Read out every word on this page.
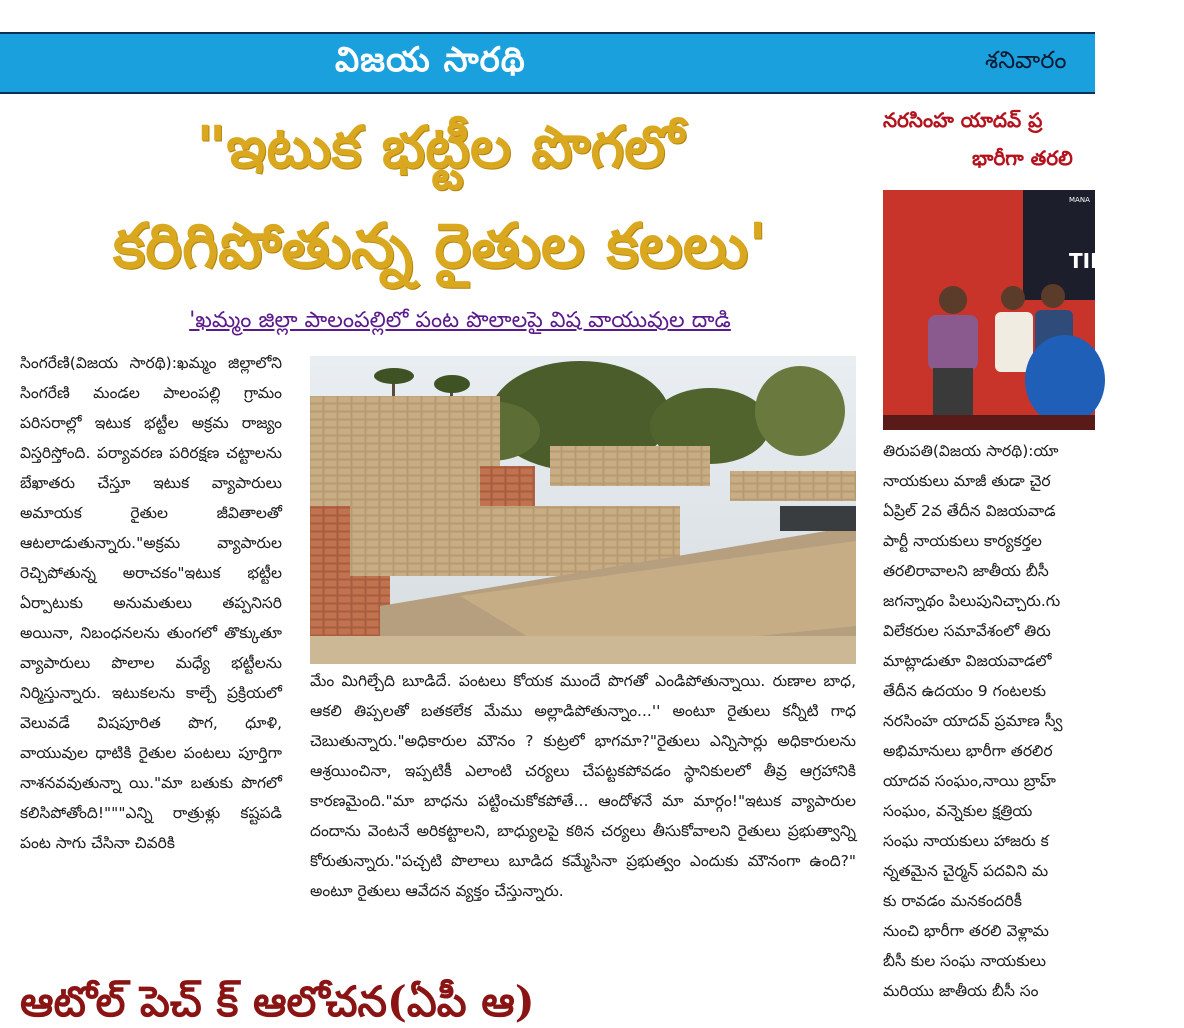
విజయ సారథి	శనివారం
"ఇటుక భట్టీల పొగలో
కరిగిపోతున్న రైతుల కలలు'
'ఖమ్మం జిల్లా పాలంపల్లిలో పంట పొలాలపై విష వాయువుల దాడి

సింగరేణి(విజయ సారథి):ఖమ్మం జిల్లాలోని సింగరేణి మండల పాలంపల్లి గ్రామం పరిసరాల్లో ఇటుక భట్టీల అక్రమ రాజ్యం విస్తరిస్తోంది. పర్యావరణ పరిరక్షణ చట్టాలను బేఖాతరు చేస్తూ ఇటుక వ్యాపారులు అమాయక రైతుల జీవితాలతో ఆటలాడుతున్నారు."అక్రమ వ్యాపారుల రెచ్చిపోతున్న అరాచకం"ఇటుక భట్టీల ఏర్పాటుకు అనుమతులు తప్పనిసరి అయినా, నిబంధనలను తుంగలో తొక్కుతూ వ్యాపారులు పొలాల మధ్యే భట్టీలను నిర్మిస్తున్నారు. ఇటుకలను కాల్చే ప్రక్రియలో వెలువడే విషపూరిత పొగ, ధూళి, వాయువుల ధాటికి రైతుల పంటలు పూర్తిగా నాశనవవుతున్నా యి."మా బతుకు పొగలో కలిసిపోతోంది!"""ఎన్ని రాత్రుళ్లు కష్టపడి పంట సాగు చేసినా చివరికి

మేం మిగిల్చేది బూడిదే. పంటలు కోయక ముందే పొగతో ఎండిపోతున్నాయి. రుణాల బాధ, ఆకలి తిప్పలతో బతకలేక మేము అల్లాడిపోతున్నాం...'' అంటూ రైతులు కన్నీటి గాధ చెబుతున్నారు."అధికారుల మౌనం ? కుట్రలో భాగమా?"రైతులు ఎన్నిసార్లు అధికారులను ఆశ్రయించినా, ఇప్పటికీ ఎలాంటి చర్యలు చేపట్టకపోవడం స్థానికులలో తీవ్ర ఆగ్రహానికి కారణమైంది."మా బాధను పట్టించుకోకపోతే... ఆందోళనే మా మార్గం!"ఇటుక వ్యాపారుల దందాను వెంటనే అరికట్టాలని, బాధ్యులపై కఠిన చర్యలు తీసుకోవాలని రైతులు ప్రభుత్వాన్ని కోరుతున్నారు."పచ్చటి పొలాలు బూడిద కమ్మేసినా ప్రభుత్వం ఎందుకు మౌనంగా ఉంది?" అంటూ రైతులు ఆవేదన వ్యక్తం చేస్తున్నారు.

నరసింహ యాదవ్ ప్ర
భారీగా తరలి
MANA
TIRU

తిరుపతి(విజయ సారథి):యా

నాయకులు మాజీ తుడా చైర

ఏప్రిల్ 2వ తేదీన విజయవాడ

పార్టీ నాయకులు కార్యకర్తల

తరలిరావాలని జాతీయ బీసీ

జగన్నాథం పిలుపునిచ్చారు.గు

విలేకరుల సమావేశంలో తిరు

మాట్లాడుతూ విజయవాడలో

తేదీన ఉదయం 9 గంటలకు

నరసింహ యాదవ్ ప్రమాణ స్వీ

అభిమానులు భారీగా తరలిర

యాదవ సంఘం,నాయి బ్రాహ్

సంఘం, వన్నెకుల క్షత్రియ

సంఘ నాయకులు హాజరు క

న్నతమైన చైర్మన్ పదవిని మ

కు రావడం మనకందరికీ

నుంచి భారీగా తరలి వెళ్లామ

బీసీ కుల సంఘ నాయకులు

మరియు జాతీయ బీసీ సం

ఆటోల్ పెచ్ క్ ఆలోచన(ఏపీ ఆ)
